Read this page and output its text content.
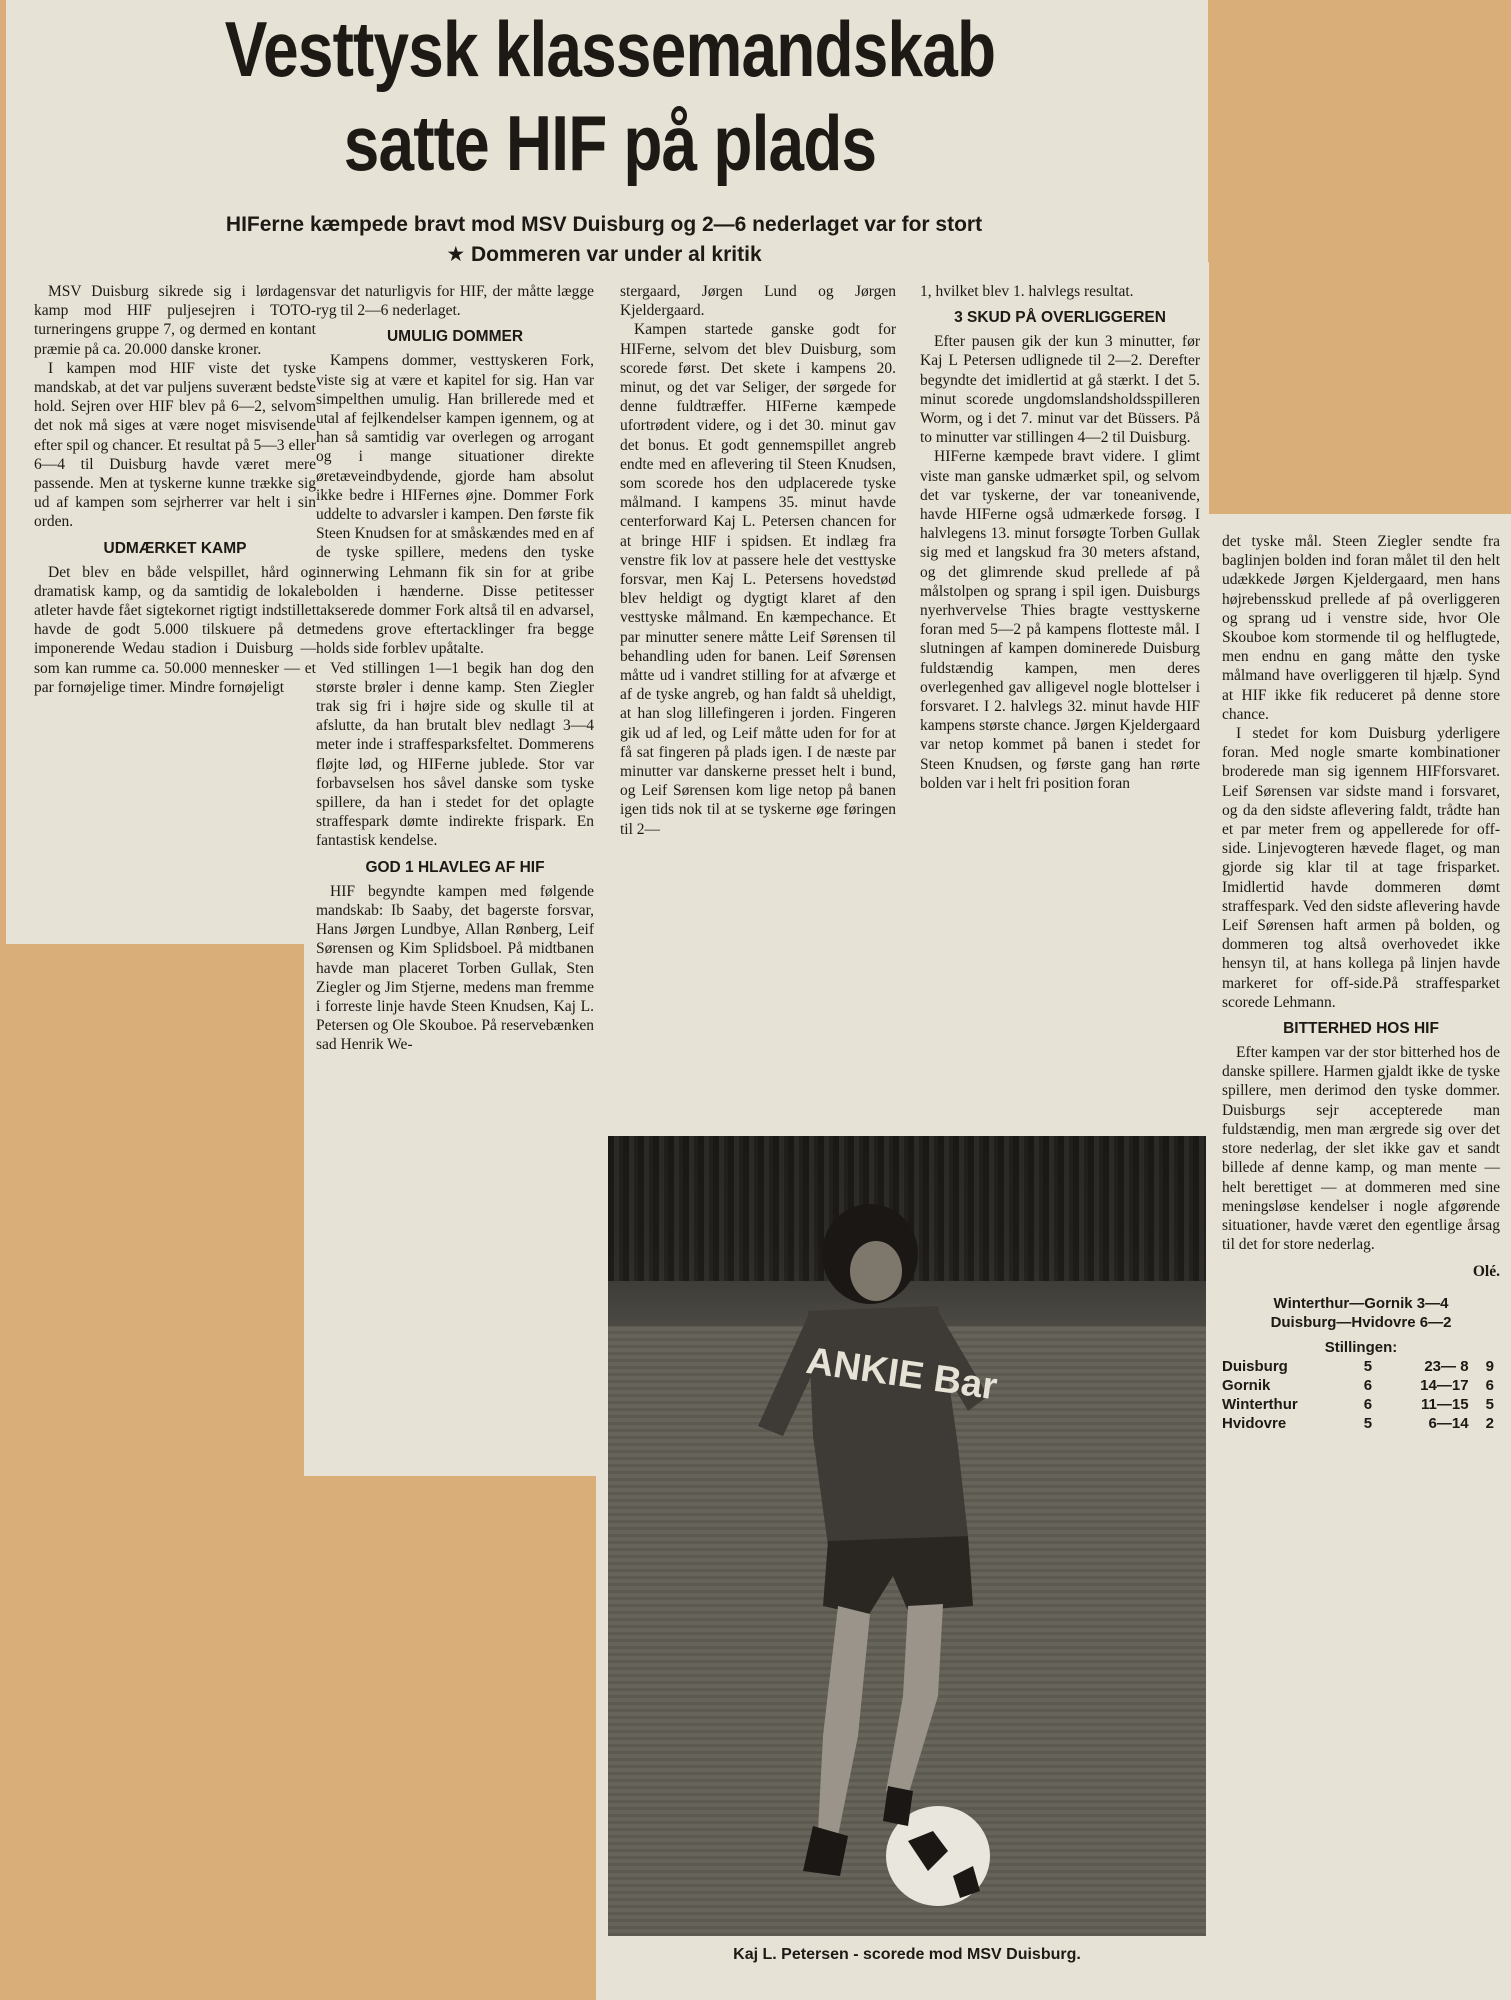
Vesttysk klassemandskab
satte HIF på plads
HIFerne kæmpede bravt mod MSV Duisburg og 2—6 nederlaget var for stort
★ Dommeren var under al kritik

MSV Duisburg sikrede sig i lørdagens kamp mod HIF puljesejren i TOTO-turneringens gruppe 7, og dermed en kontant præmie på ca. 20.000 danske kroner.

I kampen mod HIF viste det tyske mandskab, at det var puljens suverænt bedste hold. Sejren over HIF blev på 6—2, selvom det nok må siges at være noget misvisende efter spil og chancer. Et resultat på 5—3 eller 6—4 til Duisburg havde været mere passende. Men at tyskerne kunne trække sig ud af kampen som sejrherrer var helt i sin orden.

UDMÆRKET KAMP

Det blev en både velspillet, hård og dramatisk kamp, og da samtidig de lokale atleter havde fået sigtekornet rigtigt indstillet havde de godt 5.000 tilskuere på det imponerende Wedau stadion i Duisburg — som kan rumme ca. 50.000 mennesker — et par fornøjelige timer. Mindre fornøjeligt

var det naturligvis for HIF, der måtte lægge ryg til 2—6 nederlaget.

UMULIG DOMMER

Kampens dommer, vesttyskeren Fork, viste sig at være et kapitel for sig. Han var simpelthen umulig. Han brillerede med et utal af fejlkendelser kampen igennem, og at han så samtidig var overlegen og arrogant og i mange situationer direkte øretæveindbydende, gjorde ham absolut ikke bedre i HIFernes øjne. Dommer Fork uddelte to advarsler i kampen. Den første fik Steen Knudsen for at småskændes med en af de tyske spillere, medens den tyske innerwing Lehmann fik sin for at gribe bolden i hænderne. Disse petitesser takserede dommer Fork altså til en advarsel, medens grove eftertacklinger fra begge holds side forblev upåtalte.

Ved stillingen 1—1 begik han dog den største brøler i denne kamp. Sten Ziegler trak sig fri i højre side og skulle til at afslutte, da han brutalt blev nedlagt 3—4 meter inde i straffesparksfeltet. Dommerens fløjte lød, og HIFerne jublede. Stor var forbavselsen hos såvel danske som tyske spillere, da han i stedet for det oplagte straffespark dømte indirekte frispark. En fantastisk kendelse.

GOD 1 HLAVLEG AF HIF

HIF begyndte kampen med følgende mandskab: Ib Saaby, det bagerste forsvar, Hans Jørgen Lundbye, Allan Rønberg, Leif Sørensen og Kim Splidsboel. På midtbanen havde man placeret Torben Gullak, Sten Ziegler og Jim Stjerne, medens man fremme i forreste linje havde Steen Knudsen, Kaj L. Petersen og Ole Skouboe. På reservebænken sad Henrik We-

stergaard, Jørgen Lund og Jørgen Kjeldergaard.

Kampen startede ganske godt for HIFerne, selvom det blev Duisburg, som scorede først. Det skete i kampens 20. minut, og det var Seliger, der sørgede for denne fuldtræffer. HIFerne kæmpede ufortrødent videre, og i det 30. minut gav det bonus. Et godt gennemspillet angreb endte med en aflevering til Steen Knudsen, som scorede hos den udplacerede tyske målmand. I kampens 35. minut havde centerforward Kaj L. Petersen chancen for at bringe HIF i spidsen. Et indlæg fra venstre fik lov at passere hele det vesttyske forsvar, men Kaj L. Petersens hovedstød blev heldigt og dygtigt klaret af den vesttyske målmand. En kæmpechance. Et par minutter senere måtte Leif Sørensen til behandling uden for banen. Leif Sørensen måtte ud i vandret stilling for at afværge et af de tyske angreb, og han faldt så uheldigt, at han slog lillefingeren i jorden. Fingeren gik ud af led, og Leif måtte uden for for at få sat fingeren på plads igen. I de næste par minutter var danskerne presset helt i bund, og Leif Sørensen kom lige netop på banen igen tids nok til at se tyskerne øge føringen til 2—

1, hvilket blev 1. halvlegs resultat.

3 SKUD PÅ OVERLIGGEREN

Efter pausen gik der kun 3 minutter, før Kaj L Petersen udlignede til 2—2. Derefter begyndte det imidlertid at gå stærkt. I det 5. minut scorede ungdomslandsholdsspilleren Worm, og i det 7. minut var det Büssers. På to minutter var stillingen 4—2 til Duisburg.

HIFerne kæmpede bravt videre. I glimt viste man ganske udmærket spil, og selvom det var tyskerne, der var toneanivende, havde HIFerne også udmærkede forsøg. I halvlegens 13. minut forsøgte Torben Gullak sig med et langskud fra 30 meters afstand, og det glimrende skud prellede af på målstolpen og sprang i spil igen. Duisburgs nyerhvervelse Thies bragte vesttyskerne foran med 5—2 på kampens flotteste mål. I slutningen af kampen dominerede Duisburg fuldstændig kampen, men deres overlegenhed gav alligevel nogle blottelser i forsvaret. I 2. halvlegs 32. minut havde HIF kampens største chance. Jørgen Kjeldergaard var netop kommet på banen i stedet for Steen Knudsen, og første gang han rørte bolden var i helt fri position foran

det tyske mål. Steen Ziegler sendte fra baglinjen bolden ind foran målet til den helt udækkede Jørgen Kjeldergaard, men hans højrebensskud prellede af på overliggeren og sprang ud i venstre side, hvor Ole Skouboe kom stormende til og helflugtede, men endnu en gang måtte den tyske målmand have overliggeren til hjælp. Synd at HIF ikke fik reduceret på denne store chance.

I stedet for kom Duisburg yderligere foran. Med nogle smarte kombinationer broderede man sig igennem HIFforsvaret. Leif Sørensen var sidste mand i forsvaret, og da den sidste aflevering faldt, trådte han et par meter frem og appellerede for off-side. Linjevogteren hævede flaget, og man gjorde sig klar til at tage frisparket. Imidlertid havde dommeren dømt straffespark. Ved den sidste aflevering havde Leif Sørensen haft armen på bolden, og dommeren tog altså overhovedet ikke hensyn til, at hans kollega på linjen havde markeret for off-side.På straffesparket scorede Lehmann.

BITTERHED HOS HIF

Efter kampen var der stor bitterhed hos de danske spillere. Harmen gjaldt ikke de tyske spillere, men derimod den tyske dommer. Duisburgs sejr accepterede man fuldstændig, men man ærgrede sig over det store nederlag, der slet ikke gav et sandt billede af denne kamp, og man mente — helt berettiget — at dommeren med sine meningsløse kendelser i nogle afgørende situationer, havde været den egentlige årsag til det for store nederlag.

Olé.
Winterthur—Gornik 3—4
Duisburg—Hvidovre 6—2
Stillingen:
Duisburg	5	23— 8	9
Gornik	6	14—17	6
Winterthur	6	11—15	5
Hvidovre	5	6—14	2
ANKIE Bar
Kaj L. Petersen - scorede mod MSV Duisburg.
